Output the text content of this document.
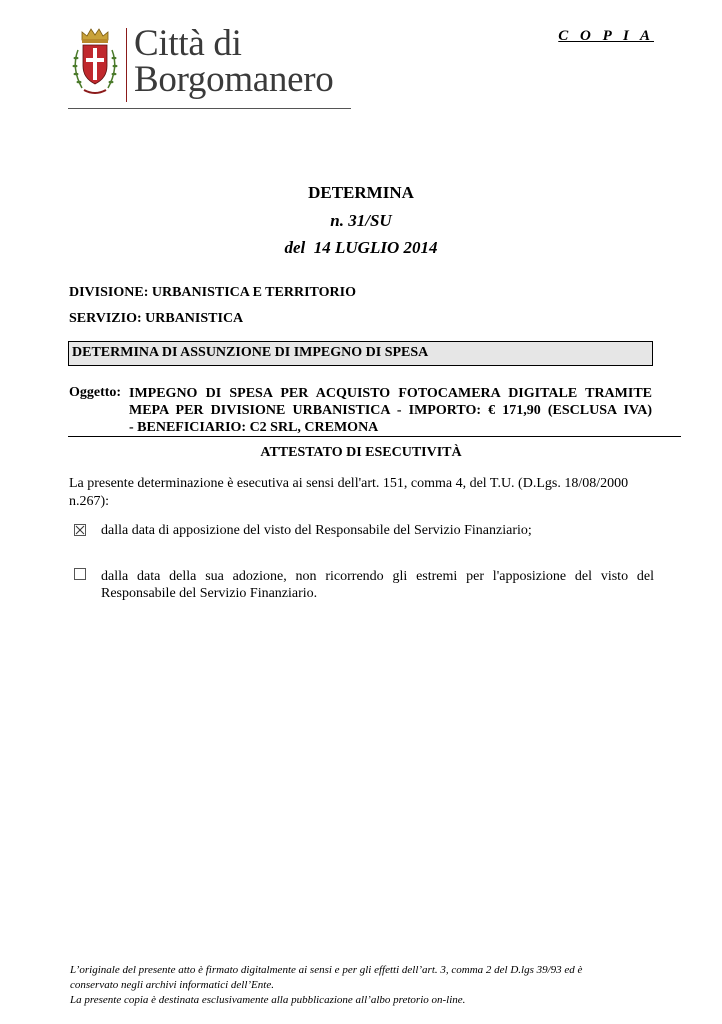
Città di
Borgomanero
C O P I A
DETERMINA
n. 31/SU
del  14 LUGLIO 2014
DIVISIONE: URBANISTICA E TERRITORIO
SERVIZIO: URBANISTICA
DETERMINA DI ASSUNZIONE DI IMPEGNO DI SPESA
Oggetto: IMPEGNO DI SPESA PER ACQUISTO FOTOCAMERA DIGITALE TRAMITE
MEPA PER DIVISIONE URBANISTICA - IMPORTO: € 171,90 (ESCLUSA IVA)
- BENEFICIARIO: C2 SRL, CREMONA
ATTESTATO DI ESECUTIVITÀ
La presente determinazione è esecutiva ai sensi dell'art. 151, comma 4, del T.U. (D.Lgs. 18/08/2000 n.267):
dalla data di apposizione del visto del Responsabile del Servizio Finanziario;
dalla data della sua adozione, non ricorrendo gli estremi per l'apposizione del visto del
Responsabile del Servizio Finanziario.
L’originale del presente atto è firmato digitalmente ai sensi e per gli effetti dell’art. 3, comma 2 del D.lgs 39/93 ed è
conservato negli archivi informatici dell’Ente.
La presente copia è destinata esclusivamente alla pubblicazione all’albo pretorio on-line.
